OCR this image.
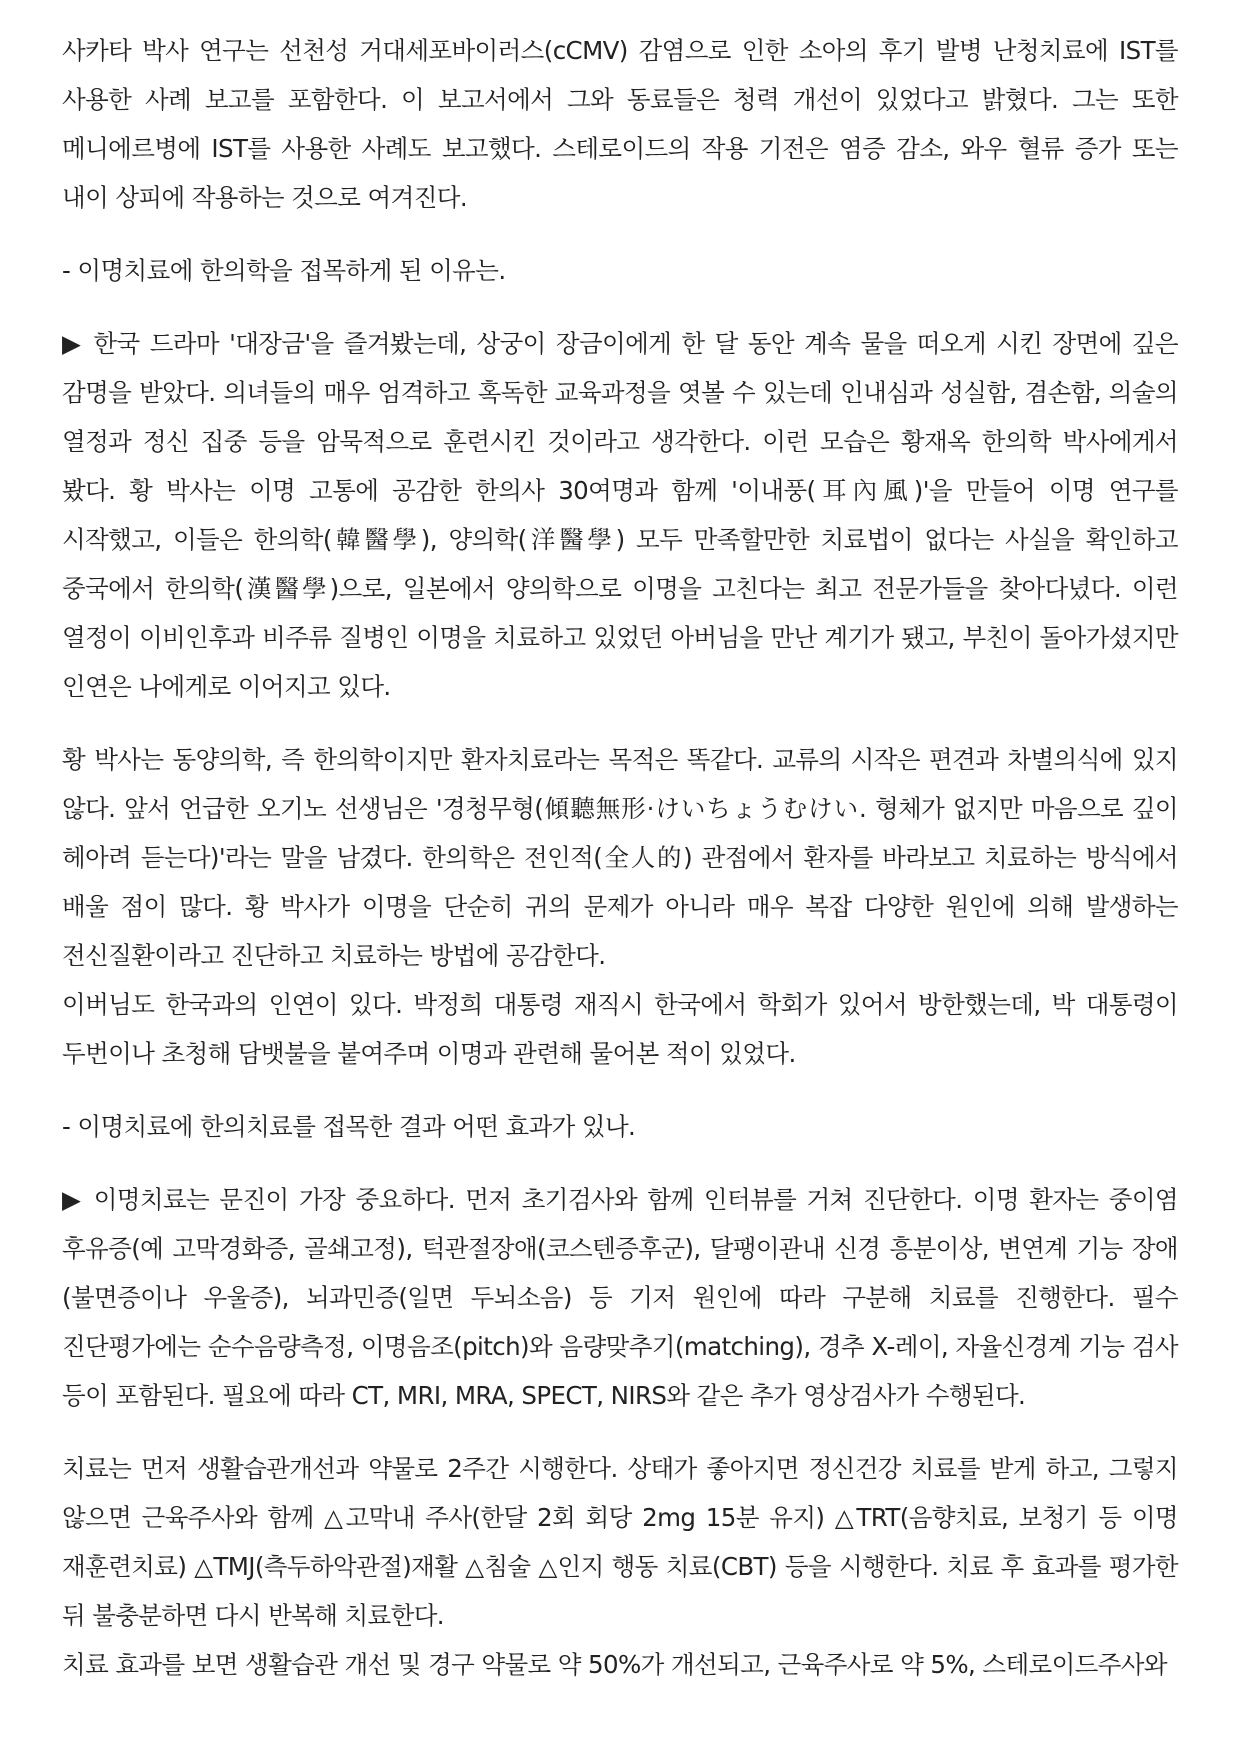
사카타 박사 연구는 선천성 거대세포바이러스(cCMV) 감염으로 인한 소아의 후기 발병 난청치료에 IST를 사용한 사례 보고를 포함한다. 이 보고서에서 그와 동료들은 청력 개선이 있었다고 밝혔다. 그는 또한 메니에르병에 IST를 사용한 사례도 보고했다. 스테로이드의 작용 기전은 염증 감소, 와우 혈류 증가 또는 내이 상피에 작용하는 것으로 여겨진다.

- 이명치료에 한의학을 접목하게 된 이유는.

▶ 한국 드라마 '대장금'을 즐겨봤는데, 상궁이 장금이에게 한 달 동안 계속 물을 떠오게 시킨 장면에 깊은 감명을 받았다. 의녀들의 매우 엄격하고 혹독한 교육과정을 엿볼 수 있는데 인내심과 성실함, 겸손함, 의술의 열정과 정신 집중 등을 암묵적으로 훈련시킨 것이라고 생각한다. 이런 모습은 황재옥 한의학 박사에게서 봤다. 황 박사는 이명 고통에 공감한 한의사 30여명과 함께 '이내풍(耳內風)'을 만들어 이명 연구를 시작했고, 이들은 한의학(韓醫學), 양의학(洋醫學) 모두 만족할만한 치료법이 없다는 사실을 확인하고 중국에서 한의학(漢醫學)으로, 일본에서 양의학으로 이명을 고친다는 최고 전문가들을 찾아다녔다. 이런 열정이 이비인후과 비주류 질병인 이명을 치료하고 있었던 아버님을 만난 계기가 됐고, 부친이 돌아가셨지만 인연은 나에게로 이어지고 있다.

황 박사는 동양의학, 즉 한의학이지만 환자치료라는 목적은 똑같다. 교류의 시작은 편견과 차별의식에 있지 않다. 앞서 언급한 오기노 선생님은 '경청무형(傾聽無形·けいちょうむけい. 형체가 없지만 마음으로 깊이 헤아려 듣는다)'라는 말을 남겼다. 한의학은 전인적(全人的) 관점에서 환자를 바라보고 치료하는 방식에서 배울 점이 많다. 황 박사가 이명을 단순히 귀의 문제가 아니라 매우 복잡 다양한 원인에 의해 발생하는 전신질환이라고 진단하고 치료하는 방법에 공감한다.

이버님도 한국과의 인연이 있다. 박정희 대통령 재직시 한국에서 학회가 있어서 방한했는데, 박 대통령이 두번이나 초청해 담뱃불을 붙여주며 이명과 관련해 물어본 적이 있었다.

- 이명치료에 한의치료를 접목한 결과 어떤 효과가 있나.

▶ 이명치료는 문진이 가장 중요하다. 먼저 초기검사와 함께 인터뷰를 거쳐 진단한다. 이명 환자는 중이염 후유증(예 고막경화증, 골쇄고정), 턱관절장애(코스텐증후군), 달팽이관내 신경 흥분이상, 변연계 기능 장애(불면증이나 우울증), 뇌과민증(일면 두뇌소음) 등 기저 원인에 따라 구분해 치료를 진행한다. 필수 진단평가에는 순수음량측정, 이명음조(pitch)와 음량맞추기(matching), 경추 X-레이, 자율신경계 기능 검사 등이 포함된다. 필요에 따라 CT, MRI, MRA, SPECT, NIRS와 같은 추가 영상검사가 수행된다.

치료는 먼저 생활습관개선과 약물로 2주간 시행한다. 상태가 좋아지면 정신건강 치료를 받게 하고, 그렇지 않으면 근육주사와 함께 △고막내 주사(한달 2회 회당 2mg 15분 유지) △TRT(음향치료, 보청기 등 이명 재훈련치료) △TMJ(측두하악관절)재활 △침술 △인지 행동 치료(CBT) 등을 시행한다. 치료 후 효과를 평가한 뒤 불충분하면 다시 반복해 치료한다.

치료 효과를 보면 생활습관 개선 및 경구 약물로 약 50%가 개선되고, 근육주사로 약 5%, 스테로이드주사와
